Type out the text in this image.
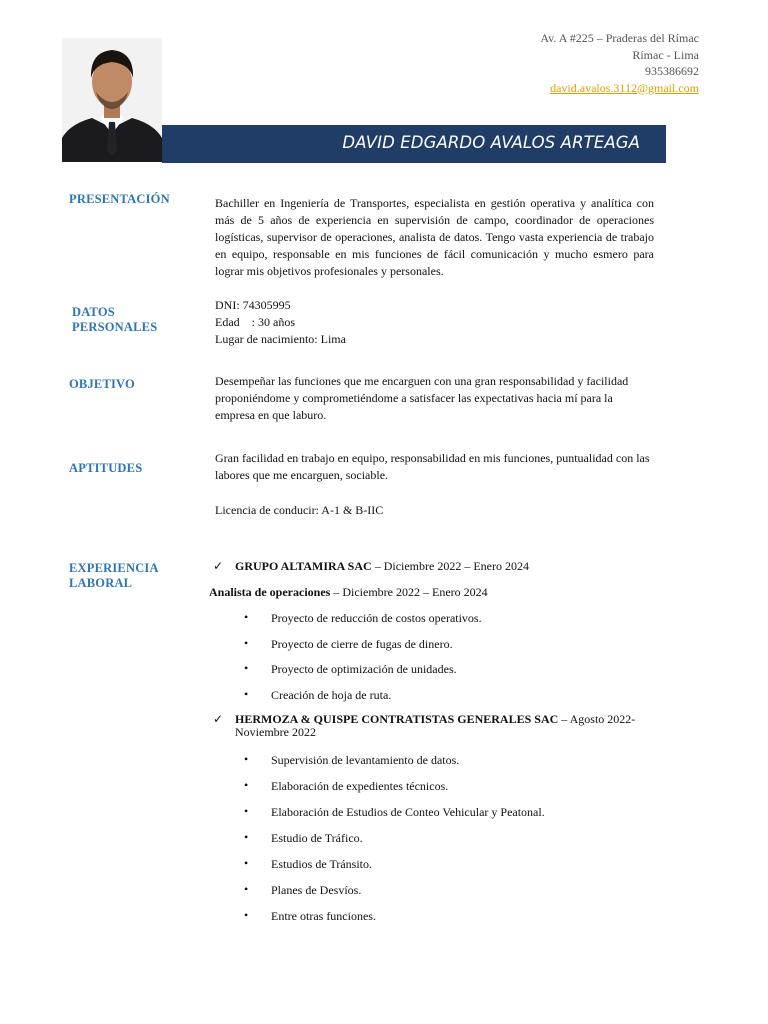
Av. A #225 – Praderas del Rímac
Rímac - Lima
935386692
david.avalos.3112@gmail.com
DAVID EDGARDO AVALOS ARTEAGA
PRESENTACIÓN	Bachiller en Ingeniería de Transportes, especialista en gestión operativa y analítica con más de 5 años de experiencia en supervisión de campo, coordinador de operaciones logísticas, supervisor de operaciones, analista de datos. Tengo vasta experiencia de trabajo en equipo, responsable en mis funciones de fácil comunicación y mucho esmero para lograr mis objetivos profesionales y personales.
DATOS
PERSONALES
DNI: 74305995
Edad    : 30 años
Lugar de nacimiento: Lima
OBJETIVO	Desempeñar las funciones que me encarguen con una gran responsabilidad y facilidad proponiéndome y comprometiéndome a satisfacer las expectativas hacia mí para la empresa en que laburo.
APTITUDES
Gran facilidad en trabajo en equipo, responsabilidad en mis funciones, puntualidad con las labores que me encarguen, sociable.
Licencia de conducir: A-1 & B-IIC
EXPERIENCIA
LABORAL
✓ GRUPO ALTAMIRA SAC – Diciembre 2022 – Enero 2024
Analista de operaciones – Diciembre 2022 – Enero 2024
• Proyecto de reducción de costos operativos.
• Proyecto de cierre de fugas de dinero.
• Proyecto de optimización de unidades.
• Creación de hoja de ruta.
✓ HERMOZA & QUISPE CONTRATISTAS GENERALES SAC – Agosto 2022- Noviembre 2022
• Supervisión de levantamiento de datos.
• Elaboración de expedientes técnicos.
• Elaboración de Estudios de Conteo Vehicular y Peatonal.
• Estudio de Tráfico.
• Estudios de Tránsito.
• Planes de Desvíos.
• Entre otras funciones.
